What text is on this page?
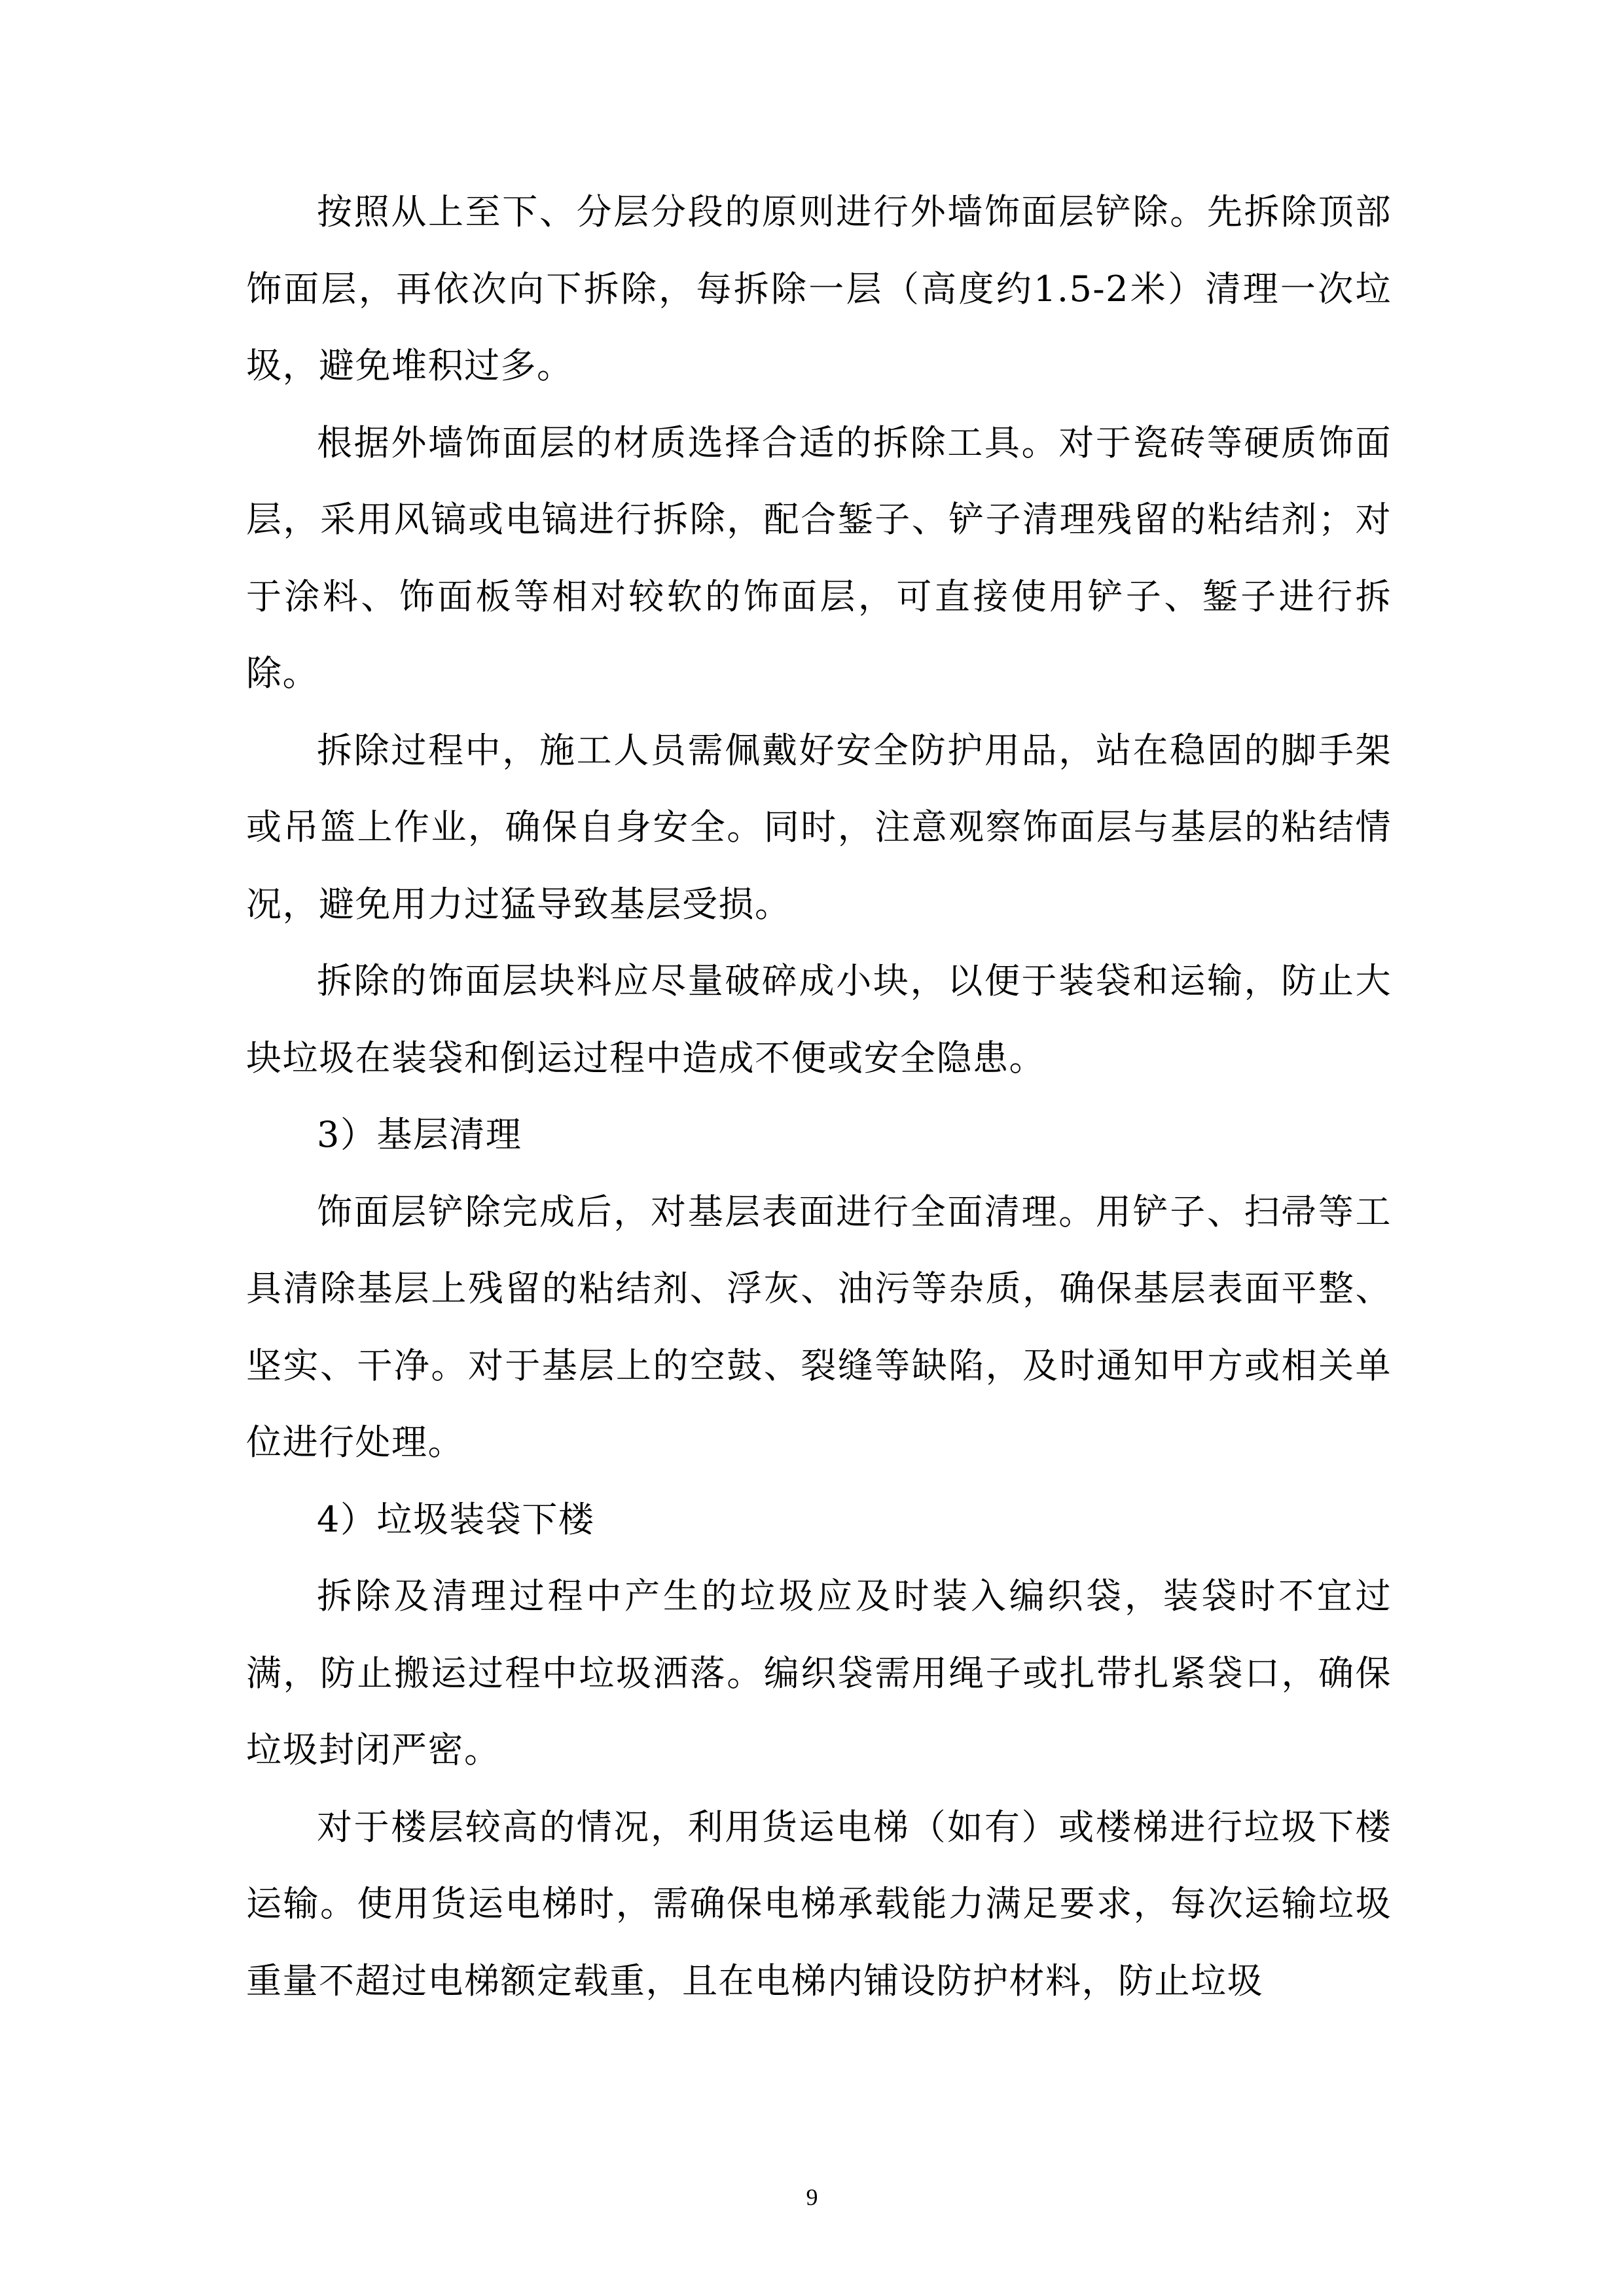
按照从上至下、分层分段的原则进行外墙饰面层铲除。先拆除顶部饰面层，再依次向下拆除，每拆除一层（高度约1.5-2米）清理一次垃圾，避免堆积过多。

根据外墙饰面层的材质选择合适的拆除工具。对于瓷砖等硬质饰面层，采用风镐或电镐进行拆除，配合錾子、铲子清理残留的粘结剂；对于涂料、饰面板等相对较软的饰面层，可直接使用铲子、錾子进行拆除。

拆除过程中，施工人员需佩戴好安全防护用品，站在稳固的脚手架或吊篮上作业，确保自身安全。同时，注意观察饰面层与基层的粘结情况，避免用力过猛导致基层受损。

拆除的饰面层块料应尽量破碎成小块，以便于装袋和运输，防止大块垃圾在装袋和倒运过程中造成不便或安全隐患。

3）基层清理

饰面层铲除完成后，对基层表面进行全面清理。用铲子、扫帚等工具清除基层上残留的粘结剂、浮灰、油污等杂质，确保基层表面平整、坚实、干净。对于基层上的空鼓、裂缝等缺陷，及时通知甲方或相关单位进行处理。

4）垃圾装袋下楼

拆除及清理过程中产生的垃圾应及时装入编织袋，装袋时不宜过满，防止搬运过程中垃圾洒落。编织袋需用绳子或扎带扎紧袋口，确保垃圾封闭严密。

对于楼层较高的情况，利用货运电梯（如有）或楼梯进行垃圾下楼运输。使用货运电梯时，需确保电梯承载能力满足要求，每次运输垃圾重量不超过电梯额定载重，且在电梯内铺设防护材料，防止垃圾

9
